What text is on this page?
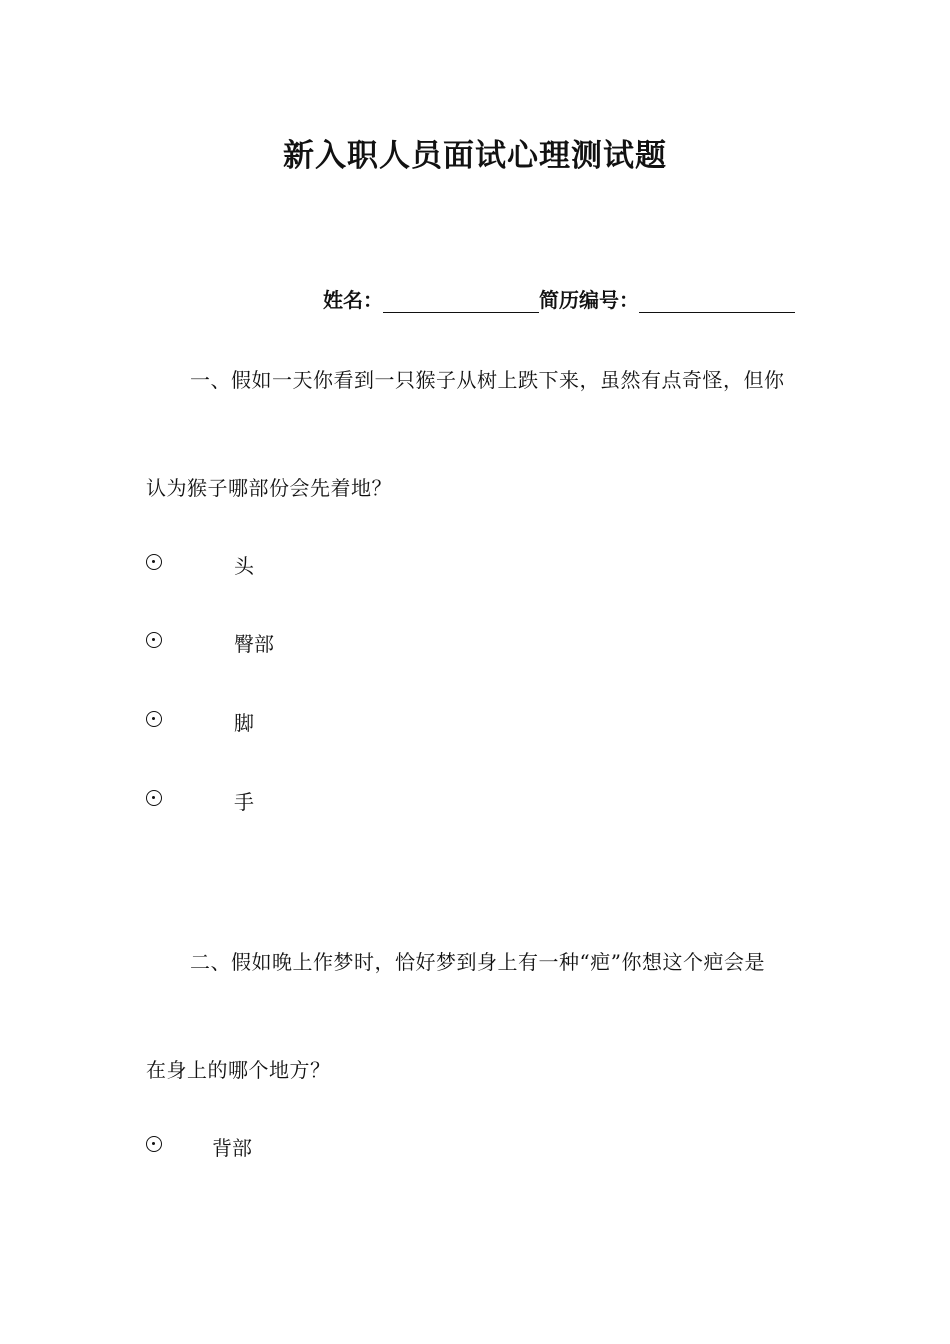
新入职人员面试心理测试题
姓名：	简历编号：
一、假如一天你看到一只猴子从树上跌下来，虽然有点奇怪，但你
认为猴子哪部份会先着地？
头
臀部
脚
手
二、假如晚上作梦时，恰好梦到身上有一种“疤”你想这个疤会是
在身上的哪个地方？
背部
